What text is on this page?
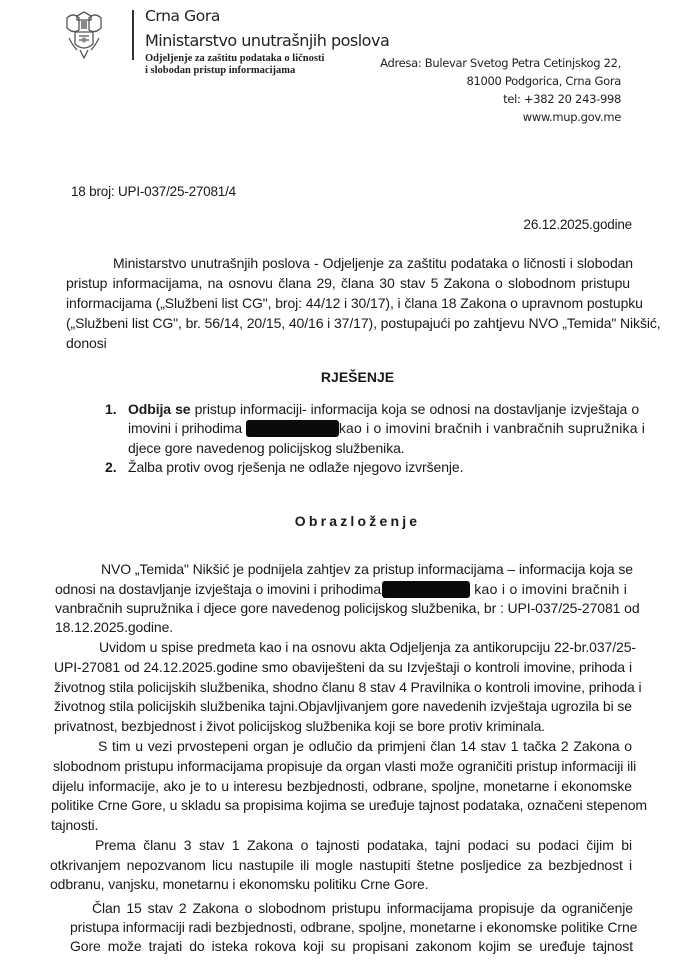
Crna Gora
Ministarstvo unutrašnjih poslova
Odjeljenje za zaštitu podataka o ličnosti
i slobodan pristup informacijama
Adresa: Bulevar Svetog Petra Cetinjskog 22,
81000 Podgorica, Crna Gora
tel: +382 20 243-998
www.mup.gov.me
18 broj: UPI-037/25-27081/4
26.12.2025.godine
Ministarstvo unutrašnjih poslova - Odjeljenje za zaštitu podataka o ličnosti i slobodan
pristup informacijama, na osnovu člana 29, člana 30 stav 5 Zakona o slobodnom pristupu
informacijama („Službeni list CG", broj: 44/12 i 30/17), i člana 18 Zakona o upravnom postupku
(„Službeni list CG", br. 56/14, 20/15, 40/16 i 37/17), postupajući po zahtjevu NVO „Temida" Nikšić,
donosi
RJEŠENJE
1. Odbija se pristup informaciji- informacija koja se odnosi na dostavljanje izvještaja o
imovini i prihodima	kao i o imovini bračnih i vanbračnih supružnika i
djece gore navedenog policijskog službenika.
2. Žalba protiv ovog rješenja ne odlaže njegovo izvršenje.
Obrazloženje
NVO „Temida" Nikšić je podnijela zahtjev za pristup informacijama – informacija koja se
odnosi na dostavljanje izvještaja o imovini i prihodima	kao i o imovini bračnih i
vanbračnih supružnika i djece gore navedenog policijskog službenika, br : UPI-037/25-27081 od
18.12.2025.godine.
Uvidom u spise predmeta kao i na osnovu akta Odjeljenja za antikorupciju 22-br.037/25-
UPI-27081 od 24.12.2025.godine smo obaviješteni da su Izvještaji o kontroli imovine, prihoda i
životnog stila policijskih službenika, shodno članu 8 stav 4 Pravilnika o kontroli imovine, prihoda i
životnog stila policijskih službenika tajni.Objavljivanjem gore navedenih izvještaja ugrozila bi se
privatnost, bezbjednost i život policijskog službenika koji se bore protiv kriminala.
S tim u vezi prvostepeni organ je odlučio da primjeni član 14 stav 1 tačka 2 Zakona o
slobodnom pristupu informacijama propisuje da organ vlasti može ograničiti pristup informaciji ili
dijelu informacije, ako je to u interesu bezbjednosti, odbrane, spoljne, monetarne i ekonomske
politike Crne Gore, u skladu sa propisima kojima se uređuje tajnost podataka, označeni stepenom
tajnosti.
Prema članu 3 stav 1 Zakona o tajnosti podataka, tajni podaci su podaci čijim bi
otkrivanjem nepozvanom licu nastupile ili mogle nastupiti štetne posljedice za bezbjednost i
odbranu, vanjsku, monetarnu i ekonomsku politiku Crne Gore.
Član 15 stav 2 Zakona o slobodnom pristupu informacijama propisuje da ograničenje
pristupa informaciji radi bezbjednosti, odbrane, spoljne, monetarne i ekonomske politike Crne
Gore može trajati do isteka rokova koji su propisani zakonom kojim se uređuje tajnost
